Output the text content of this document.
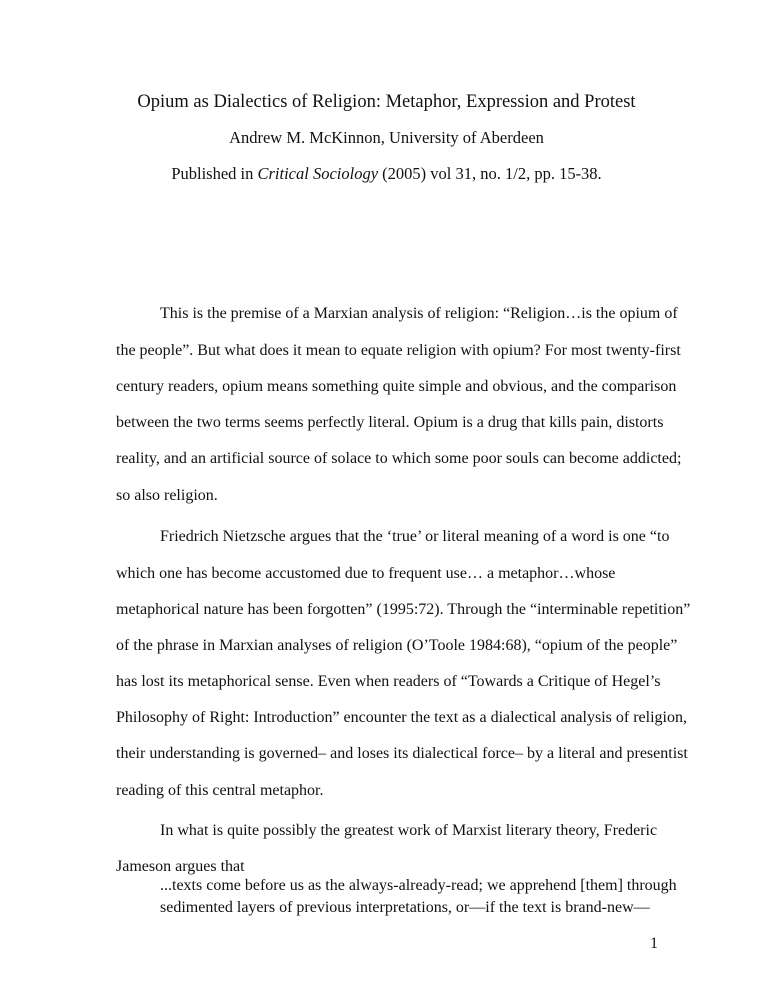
Opium as Dialectics of Religion: Metaphor, Expression and Protest
Andrew M. McKinnon, University of Aberdeen
Published in Critical Sociology (2005) vol 31, no. 1/2, pp. 15-38.
This is the premise of a Marxian analysis of religion: “Religion…is the opium of
the people”. But what does it mean to equate religion with opium? For most twenty-first
century readers, opium means something quite simple and obvious, and the comparison
between the two terms seems perfectly literal. Opium is a drug that kills pain, distorts
reality, and an artificial source of solace to which some poor souls can become addicted;
so also religion.
Friedrich Nietzsche argues that the ‘true’ or literal meaning of a word is one “to
which one has become accustomed due to frequent use… a metaphor…whose
metaphorical nature has been forgotten” (1995:72). Through the “interminable repetition”
of the phrase in Marxian analyses of religion (O’Toole 1984:68), “opium of the people”
has lost its metaphorical sense. Even when readers of “Towards a Critique of Hegel’s
Philosophy of Right: Introduction” encounter the text as a dialectical analysis of religion,
their understanding is governed– and loses its dialectical force– by a literal and presentist
reading of this central metaphor.
In what is quite possibly the greatest work of Marxist literary theory, Frederic
Jameson argues that
...texts come before us as the always-already-read; we apprehend [them] through
sedimented layers of previous interpretations, or—if the text is brand-new—
1
